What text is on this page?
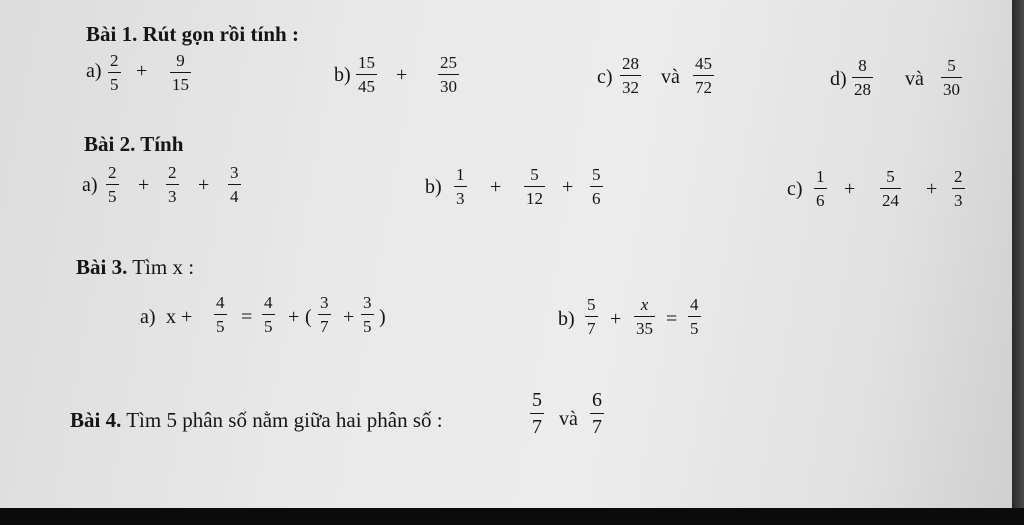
Bài 1. Rút gọn rồi tính :
$a) \frac{2}{5} + \frac{9}{15}$	$b) \frac{15}{45} + \frac{25}{30}$	$c) \frac{28}{32}$ và $\frac{45}{72}$	$d) \frac{8}{28}$ và $\frac{5}{30}$
Bài 2. Tính
$a) \frac{2}{5} + \frac{2}{3} + \frac{3}{4}$	$b) \frac{1}{3} + \frac{5}{12} + \frac{5}{6}$	$c) \frac{1}{6} + \frac{5}{24} + \frac{2}{3}$
Bài 3. Tìm x :
a) $x + \frac{4}{5} = \frac{4}{5}$ + ( $\frac{3}{7} + \frac{3}{5}$ )	$b) \frac{5}{7} + \frac{x}{35} = \frac{4}{5}$
Bài 4. Tìm 5 phân số nằm giữa hai phân số :	$\frac{5}{7}$ và $\frac{6}{7}$
